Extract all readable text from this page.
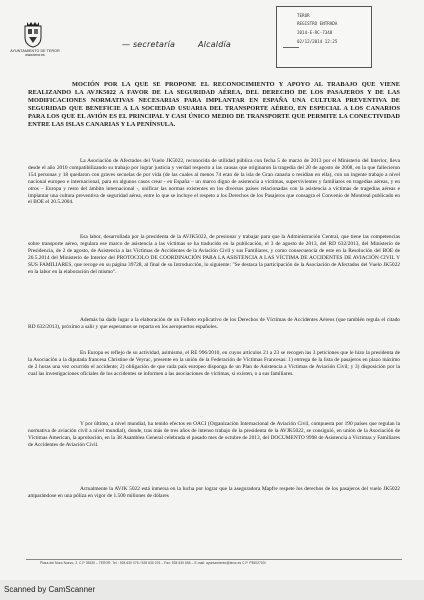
AYUNTAMIENTO DE TEROR
www.teror.es
— secretaría	Alcaldía
TEROR
REGISTRO ENTRADA
2014-E-RC-7348
02/12/2014 12:25

MOCIÓN POR LA QUE SE PROPONE EL RECONOCIMIENTO Y APOYO AL TRABAJO QUE VIENE REALIZANDO LA AVJK5022 A FAVOR DE LA SEGURIDAD AÉREA, DEL DERECHO DE LOS PASAJEROS Y DE LAS MODIFICACIONES NORMATIVAS NECESARIAS PARA IMPLANTAR EN ESPAÑA UNA CULTURA PREVENTIVA DE SEGURIDAD QUE BENEFICIE A LA SOCIEDAD USUARIA DEL TRANSPORTE AÉREO, EN ESPECIAL A LOS CANARIOS PARA LOS QUE EL AVIÓN ES EL PRINCIPAL Y CASI ÚNICO MEDIO DE TRANSPORTE QUE PERMITE LA CONECTIVIDAD ENTRE LAS ISLAS CANARIAS Y LA PENÍNSULA.

La Asociación de Afectados del Vuelo JK5022, reconocida de utilidad pública con fecha 5 de marzo de 2013 por el Ministerio del Interior, lleva desde el año 2010 compatibilizando su trabajo por lograr justicia y verdad respecto a las causas que originaron la tragedia del 20 de agosto de 2008, en la que fallecieron 154 personas y 18 quedaron con graves secuelas de por vida (de las cuales al menos 74 eran de la isla de Gran canaria o residían en ella), con un ingente trabajo a nivel nacional europeo e internacional, para en algunos casos crear - en España – un marco digno de asistencia a víctimas, supervivientes y familiares en tragedias aéreas, y en otros – Europa y resto del ámbito internacional -, unificar las normas existentes en los diversos países relacionadas con la asistencia a víctimas de tragedias aéreas e implantar una cultura preventiva de seguridad aérea, entre lo que se incluye el respeto a los Derechos de los Pasajeros que consagra el Convenio de Montreal publicado en el BOE el 20.5.2004.

Esa labor, desarrollada por la presidenta de la AVJK5022, de presionar y trabajar para que la Administración Central, que tiene las competencias sobre transporte aéreo, regulara ese marco de asistencia a las víctimas se ha traducido en la publicación, el 3 de agosto de 2013, del RD 632/2013, del Ministerio de Presidencia, de 2 de agosto, de Asistencia a las Víctimas de Accidentes de la Aviación Civil y sus Familiares, y como consecuencia de este en la Resolución del BOE de 26.5.2014 del Ministerio de Interior del PROTOCOLO DE COORDINACIÓN PARA LA ASISTENCIA A LAS VÍCTIMA DE ACCIDENTES DE AVIACIÓN CIVIL Y SUS FAMILIARES, que recoge en su página 39728, al final de su Introducción, lo siguiente: "Se destaca la participación de la Asociación de Afectados del Vuelo JK5022 en la labor en la elaboración del mismo".

Además ha dado lugar a la elaboración de un Folleto explicativo de los Derechos de Víctimas de Accidentes Aéreos (que también regula el citado RD 632/2013), próximo a salir y que esperamos se reparta en los aeropuertos españoles.

En Europa es reflejo de su actividad, asimismo, el RE 996/2010, en cuyos artículos 21 a 23 se recogen las 3 peticiones que le hizo la presidenta de la Asociación a la diputada francesa Christine de Veyrac, presente en la unión de la Federación de Víctimas Francesas: 1) entrega de la lista de pasajeros en plazo máximo de 2 horas una vez ocurrido el accidente; 2) obligación de que cada país europeo disponga de un Plan de Asistencia a Víctimas de Aviación Civil; y 3) disposición por la cual las investigaciones oficiales de los accidentes se informen a las asociaciones de víctimas, si existen, o a sus familiares.

Y por último, a nivel mundial, ha tenido efectos en OACI (Organización Internacional de Aviación Civil, compuesta por 190 países que regulan la normativa de aviación civil a nivel mundial), donde, tras más de tres años de intenso trabajo de la presidenta de la AVJK5022, se consiguió, en unión de la Asociación de Víctimas American, la aprobación, en la 38 Asamblea General celebrada el pasado mes de octubre de 2013, del DOCUMENTO 9998 de Asistencia a Víctimas y Familiares de Accidentes de Aviación Civil.

Actualmente la AVJK 5022 está inmersa en la lucha por lograr que la aseguradora Mapfre respete los derechos de los pasajeros del vuelo JK5022 amparándose en una póliza en vigor de 1.500 millones de dólares

Plaza del Muro Nuevo, 2. C.P 35330 – TEROR. Tel.: 928 630 075 / 928 630 076 – Fax: 928 630 655 – E-mail: ayuntamiento@teror.es C.P. P3502700I
Scanned by CamScanner
